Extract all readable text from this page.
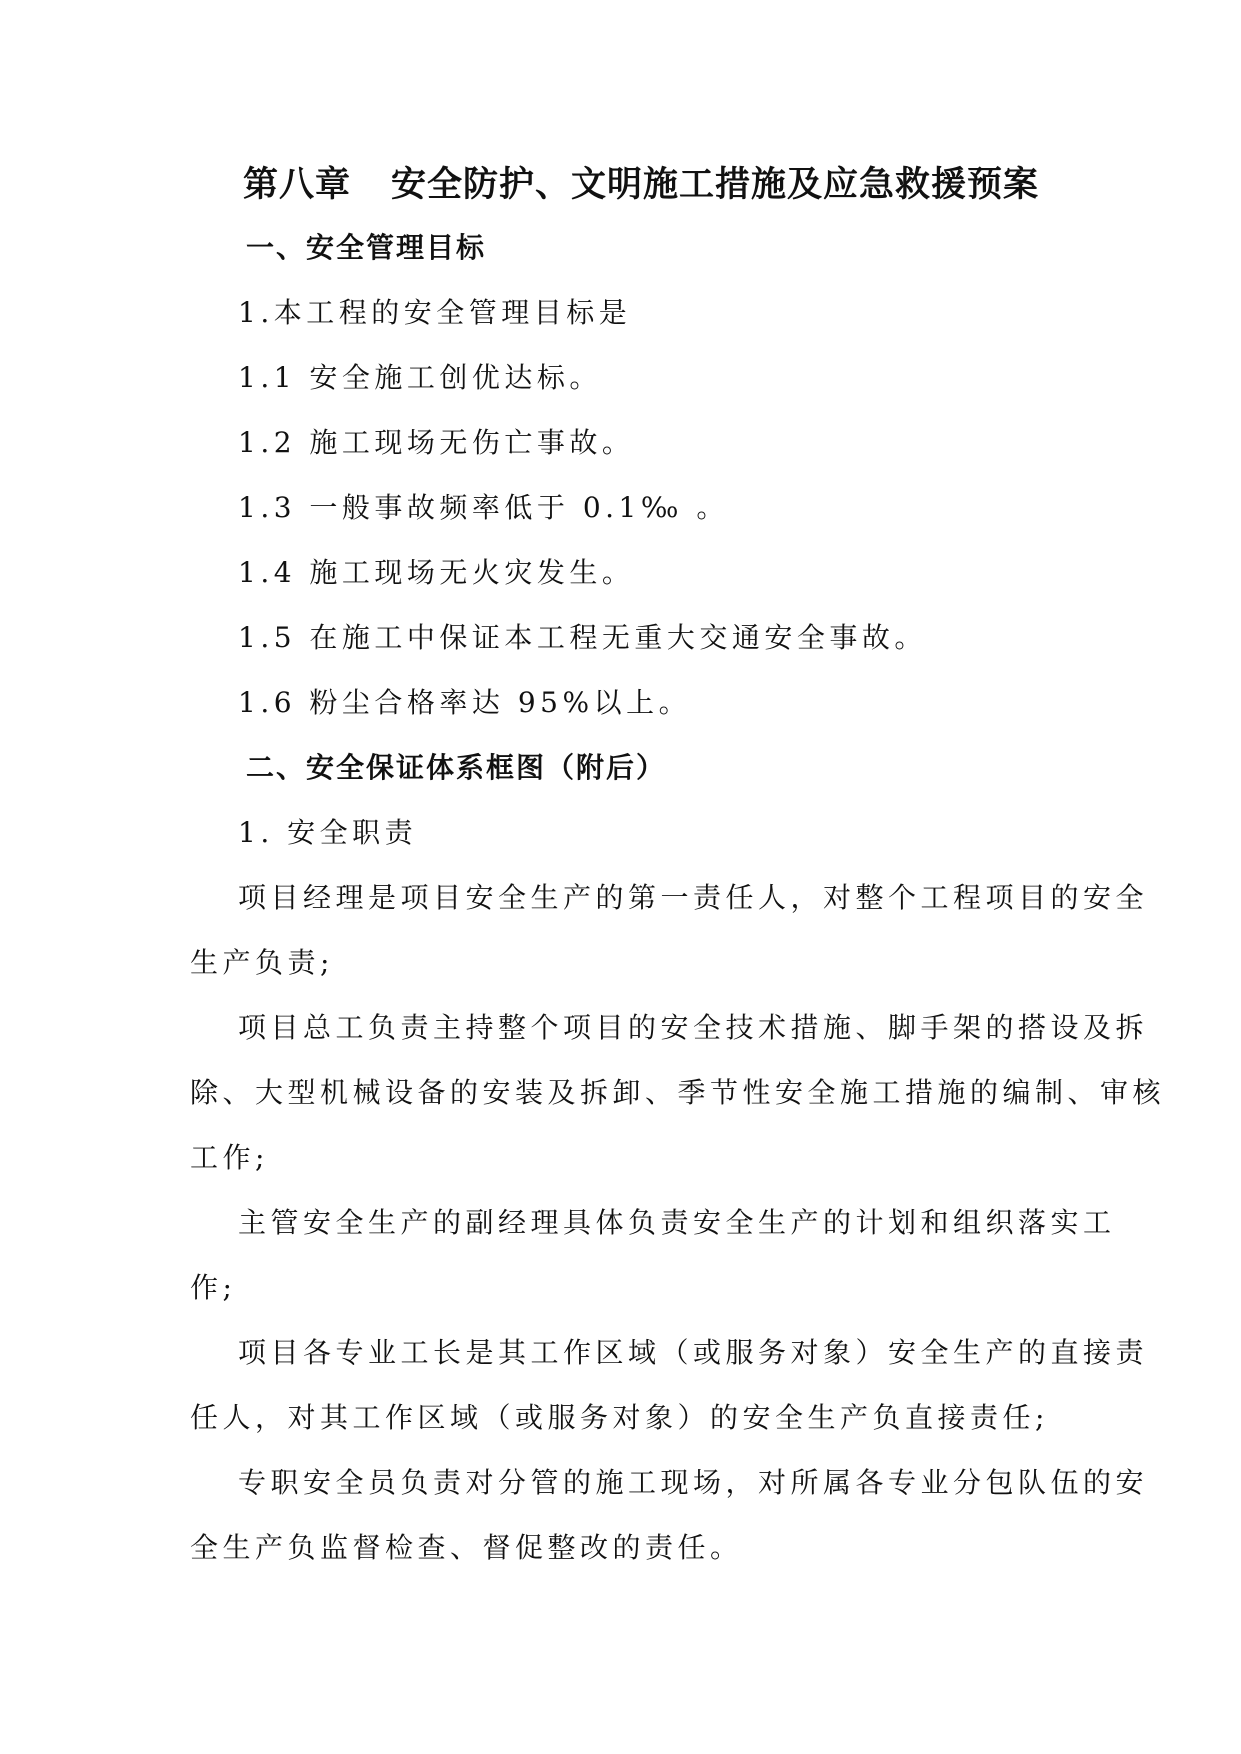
第八章 安全防护、文明施工措施及应急救援预案
一、安全管理目标
1.本工程的安全管理目标是
1.1 安全施工创优达标。
1.2 施工现场无伤亡事故。
1.3 一般事故频率低于 0.1‰ 。
1.4 施工现场无火灾发生。
1.5 在施工中保证本工程无重大交通安全事故。
1.6 粉尘合格率达 95%以上。
二、安全保证体系框图（附后）
1. 安全职责
项目经理是项目安全生产的第一责任人，对整个工程项目的安全
生产负责;
项目总工负责主持整个项目的安全技术措施、脚手架的搭设及拆
除、大型机械设备的安装及拆卸、季节性安全施工措施的编制、审核
工作;
主管安全生产的副经理具体负责安全生产的计划和组织落实工
作;
项目各专业工长是其工作区域（或服务对象）安全生产的直接责
任人，对其工作区域（或服务对象）的安全生产负直接责任;
专职安全员负责对分管的施工现场，对所属各专业分包队伍的安
全生产负监督检查、督促整改的责任。
